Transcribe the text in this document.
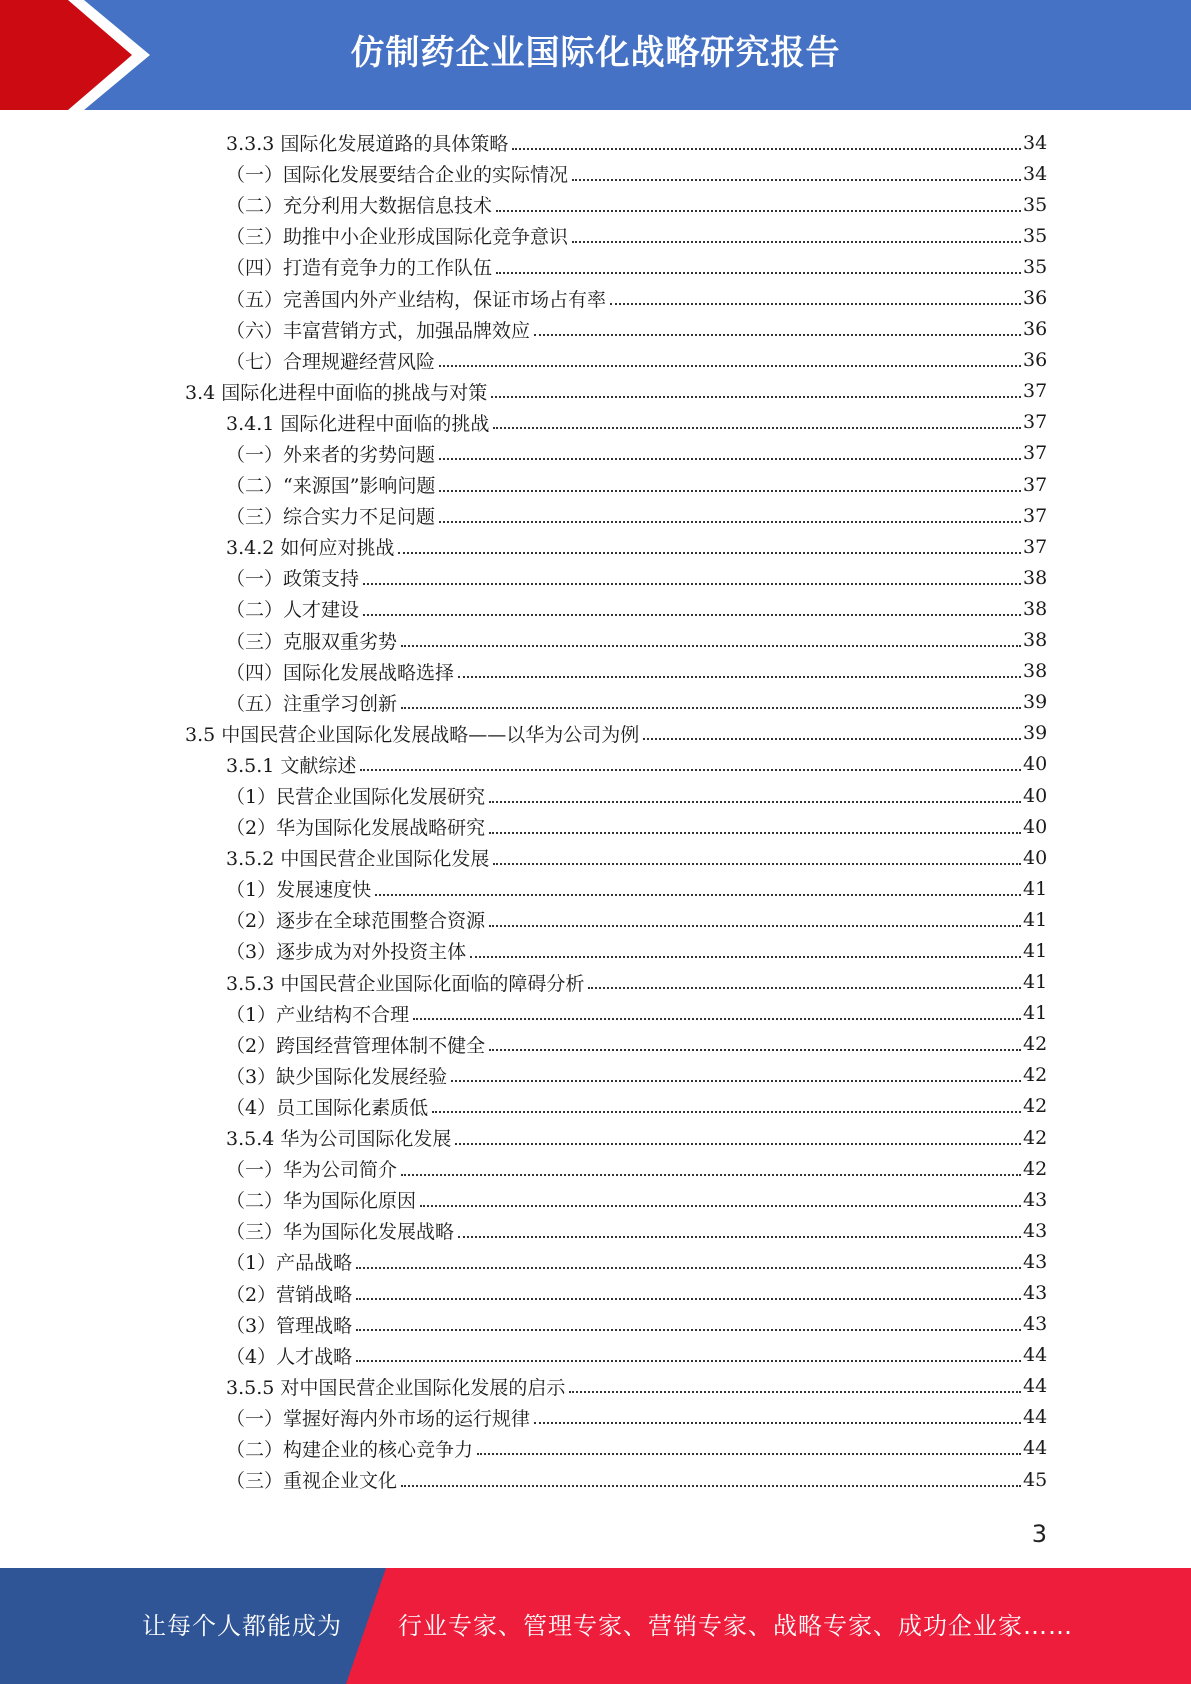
仿制药企业国际化战略研究报告
3.3.3 国际化发展道路的具体策略	34
（一）国际化发展要结合企业的实际情况	34
（二）充分利用大数据信息技术	35
（三）助推中小企业形成国际化竞争意识	35
（四）打造有竞争力的工作队伍	35
（五）完善国内外产业结构，保证市场占有率	36
（六）丰富营销方式，加强品牌效应	36
（七）合理规避经营风险	36
3.4 国际化进程中面临的挑战与对策	37
3.4.1 国际化进程中面临的挑战	37
（一）外来者的劣势问题	37
（二）“来源国”影响问题	37
（三）综合实力不足问题	37
3.4.2 如何应对挑战	37
（一）政策支持	38
（二）人才建设	38
（三）克服双重劣势	38
（四）国际化发展战略选择	38
（五）注重学习创新	39
3.5 中国民营企业国际化发展战略——以华为公司为例	39
3.5.1 文献综述	40
（1）民营企业国际化发展研究	40
（2）华为国际化发展战略研究	40
3.5.2 中国民营企业国际化发展	40
（1）发展速度快	41
（2）逐步在全球范围整合资源	41
（3）逐步成为对外投资主体	41
3.5.3 中国民营企业国际化面临的障碍分析	41
（1）产业结构不合理	41
（2）跨国经营管理体制不健全	42
（3）缺少国际化发展经验	42
（4）员工国际化素质低	42
3.5.4 华为公司国际化发展	42
（一）华为公司简介	42
（二）华为国际化原因	43
（三）华为国际化发展战略	43
（1）产品战略	43
（2）营销战略	43
（3）管理战略	43
（4）人才战略	44
3.5.5 对中国民营企业国际化发展的启示	44
（一）掌握好海内外市场的运行规律	44
（二）构建企业的核心竞争力	44
（三）重视企业文化	45
3
让每个人都能成为 行业专家、管理专家、营销专家、战略专家、成功企业家……
